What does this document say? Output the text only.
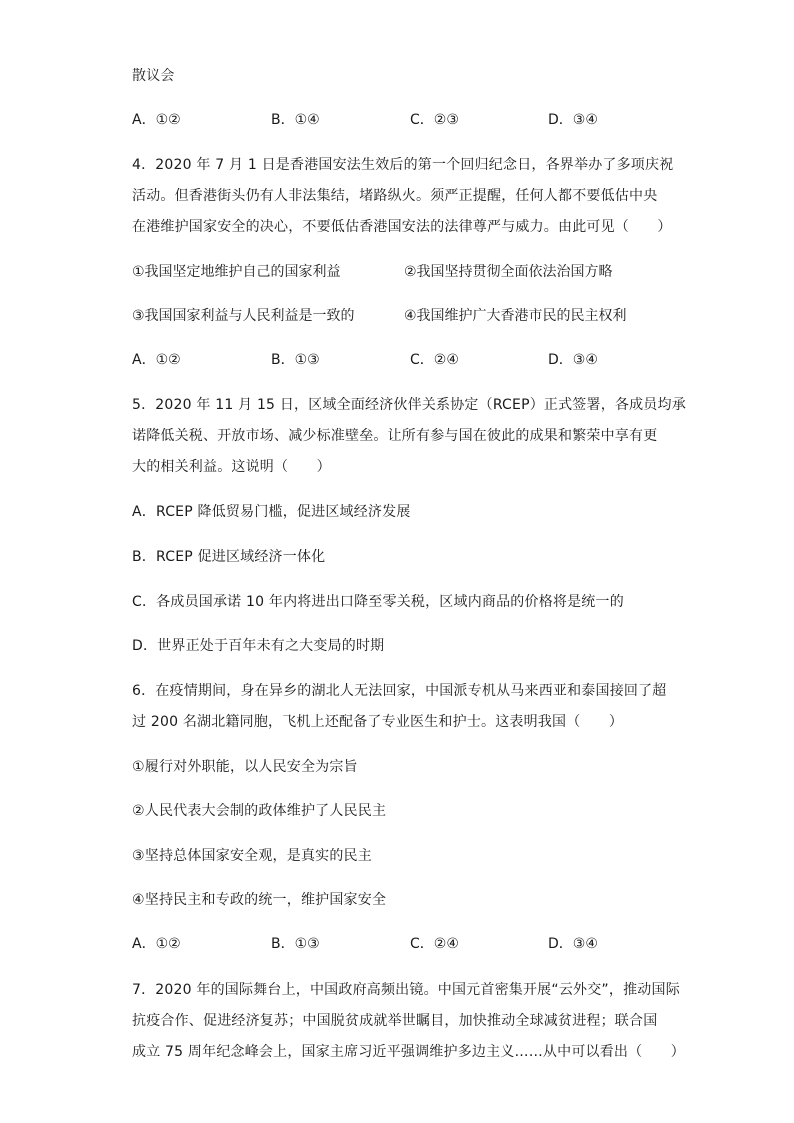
散议会
A．①②	B．①④	C．②③	D．③④
4．2020 年 7 月 1 日是香港国安法生效后的第一个回归纪念日，各界举办了多项庆祝
活动。但香港街头仍有人非法集结，堵路纵火。须严正提醒，任何人都不要低估中央
在港维护国家安全的决心，不要低估香港国安法的法律尊严与威力。由此可见（　　）
①我国坚定地维护自己的国家利益	②我国坚持贯彻全面依法治国方略
③我国国家利益与人民利益是一致的	④我国维护广大香港市民的民主权利
A．①②	B．①③	C．②④	D．③④
5．2020 年 11 月 15 日，区域全面经济伙伴关系协定（RCEP）正式签署，各成员均承
诺降低关税、开放市场、减少标准壁垒。让所有参与国在彼此的成果和繁荣中享有更
大的相关利益。这说明（　　）
A．RCEP 降低贸易门槛，促进区域经济发展
B．RCEP 促进区域经济一体化
C．各成员国承诺 10 年内将进出口降至零关税，区域内商品的价格将是统一的
D．世界正处于百年未有之大变局的时期
6．在疫情期间，身在异乡的湖北人无法回家，中国派专机从马来西亚和泰国接回了超
过 200 名湖北籍同胞，飞机上还配备了专业医生和护士。这表明我国（　　）
①履行对外职能，以人民安全为宗旨
②人民代表大会制的政体维护了人民民主
③坚持总体国家安全观，是真实的民主
④坚持民主和专政的统一，维护国家安全
A．①②	B．①③	C．②④	D．③④
7．2020 年的国际舞台上，中国政府高频出镜。中国元首密集开展“云外交”，推动国际
抗疫合作、促进经济复苏；中国脱贫成就举世瞩目，加快推动全球减贫进程；联合国
成立 75 周年纪念峰会上，国家主席习近平强调维护多边主义……从中可以看出（　　）
